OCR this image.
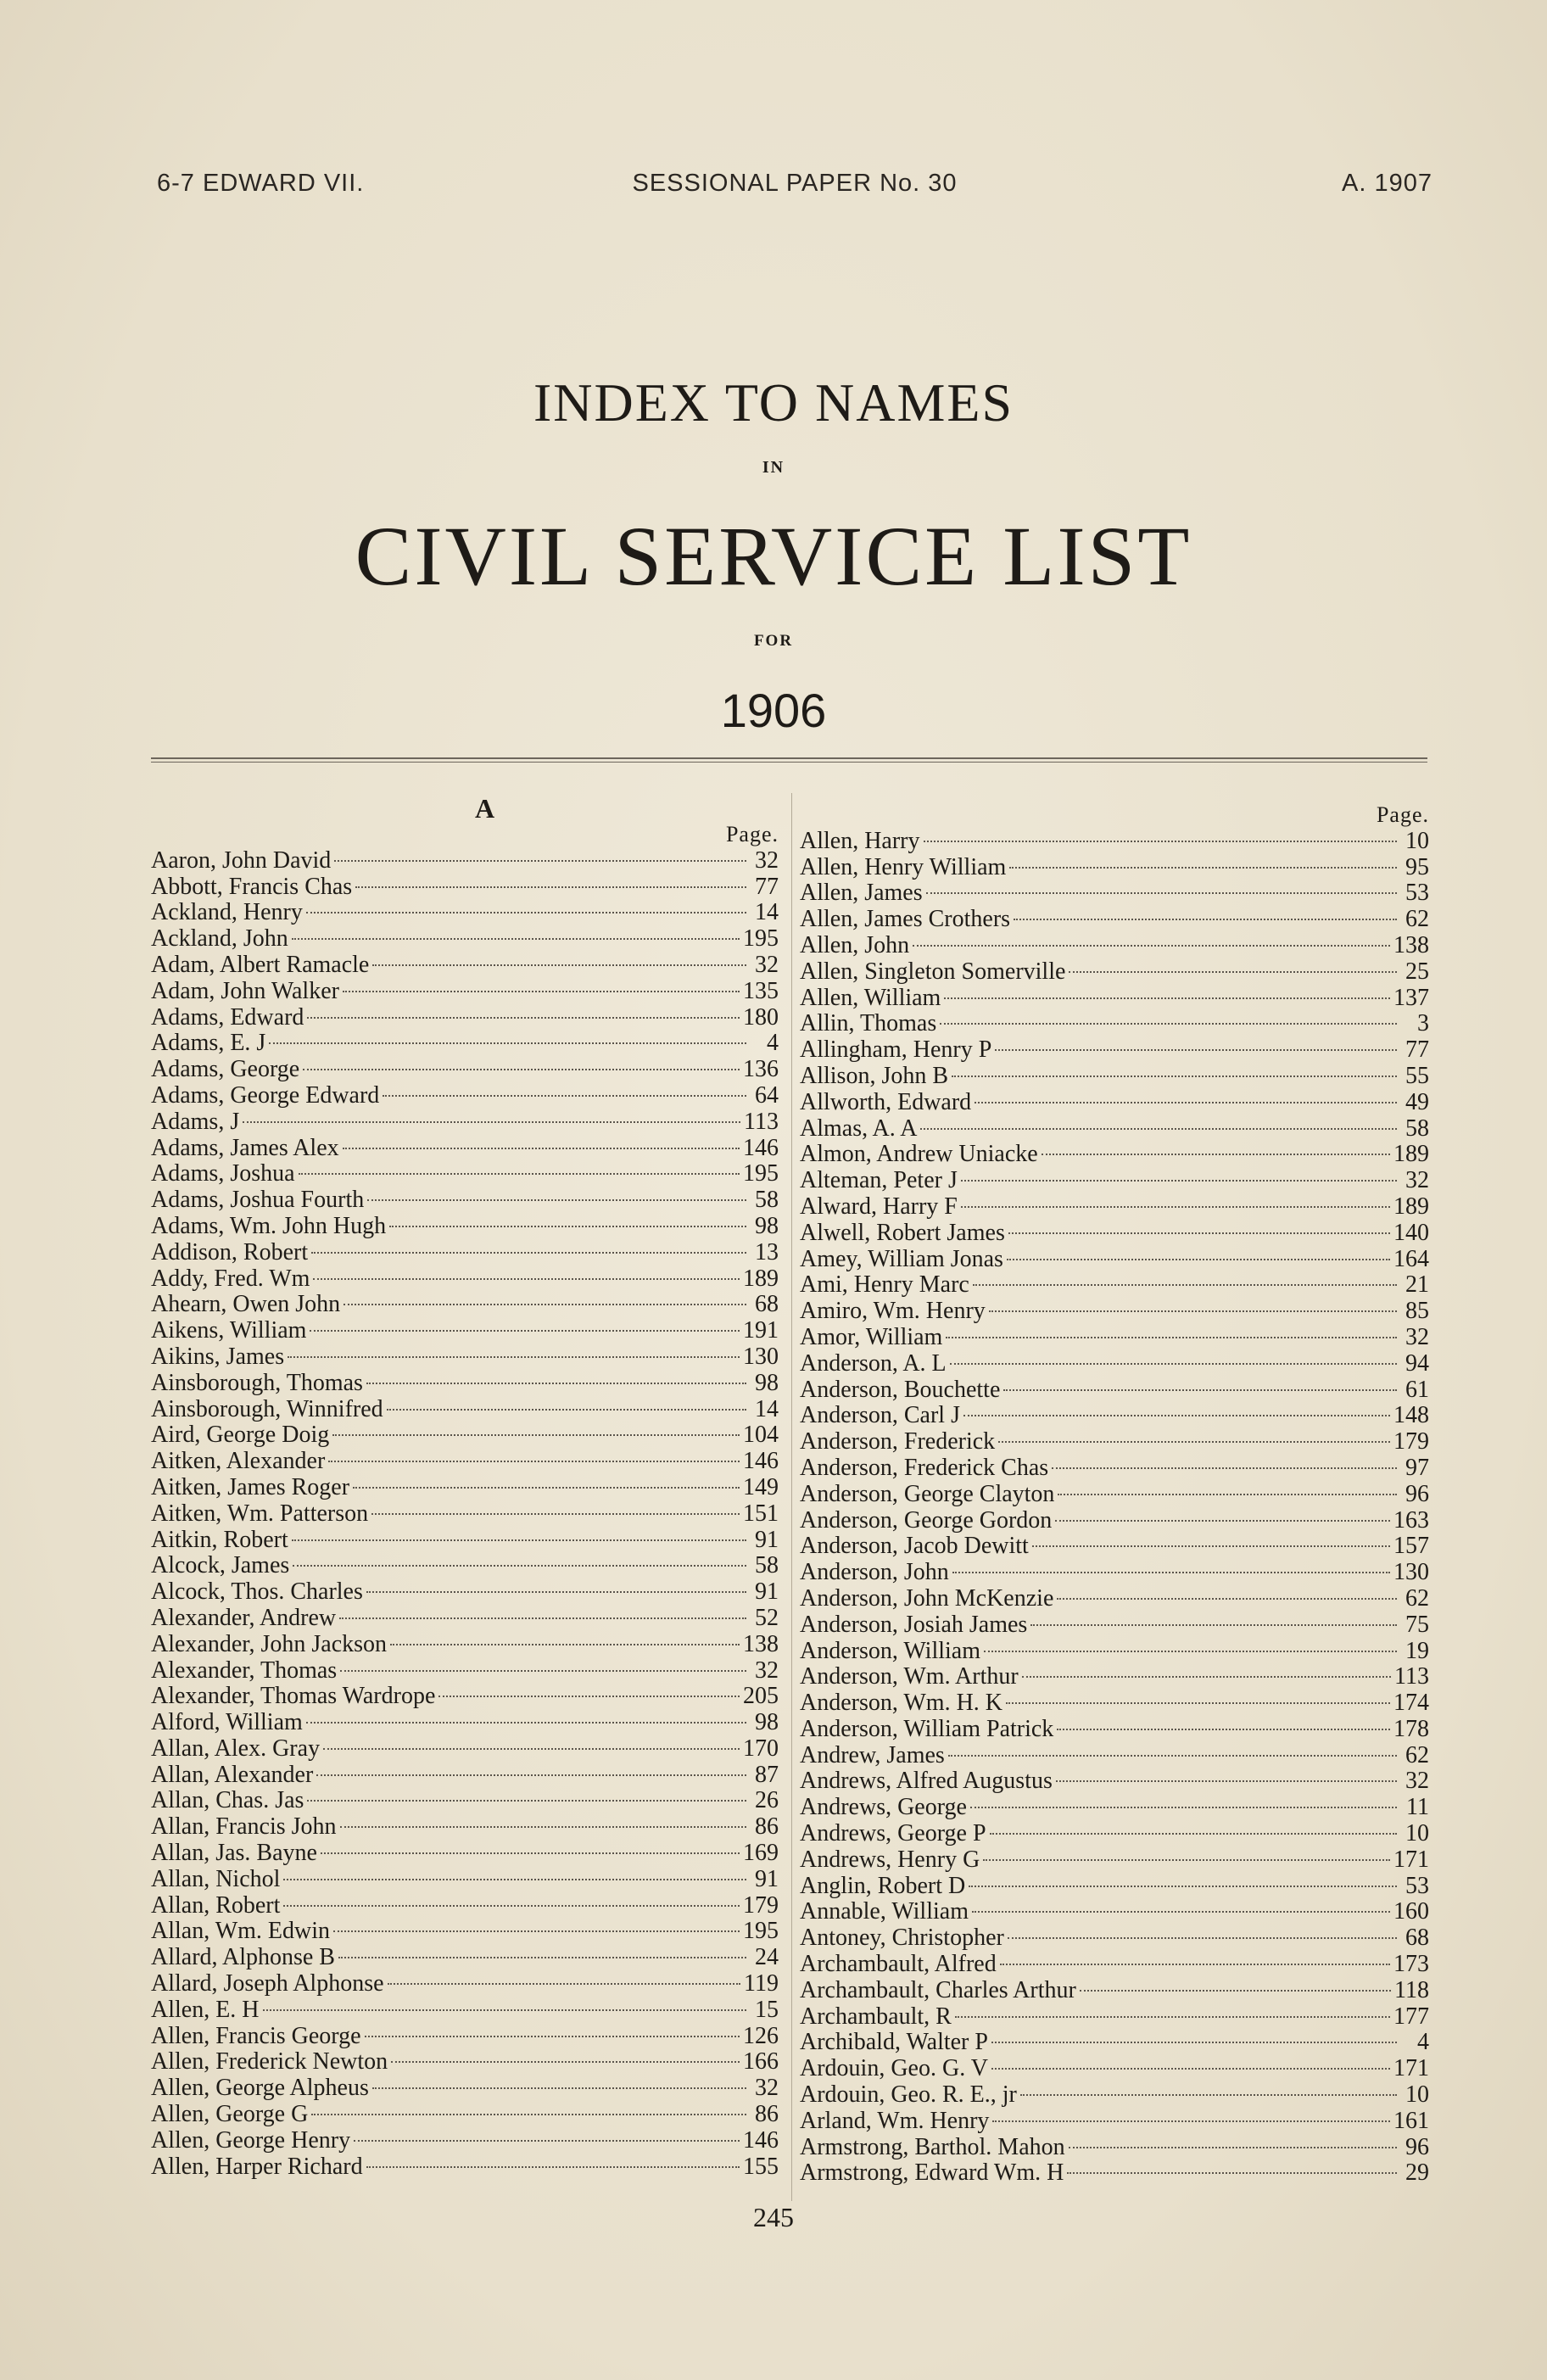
6-7 EDWARD VII.	SESSIONAL PAPER No. 30	A. 1907
INDEX TO NAMES
IN
CIVIL SERVICE LIST
FOR
1906
A
Page.
Aaron, John David	32
Abbott, Francis Chas	77
Ackland, Henry	14
Ackland, John	195
Adam, Albert Ramacle	32
Adam, John Walker	135
Adams, Edward	180
Adams, E. J	4
Adams, George	136
Adams, George Edward	64
Adams, J	113
Adams, James Alex	146
Adams, Joshua	195
Adams, Joshua Fourth	58
Adams, Wm. John Hugh	98
Addison, Robert	13
Addy, Fred. Wm	189
Ahearn, Owen John	68
Aikens, William	191
Aikins, James	130
Ainsborough, Thomas	98
Ainsborough, Winnifred	14
Aird, George Doig	104
Aitken, Alexander	146
Aitken, James Roger	149
Aitken, Wm. Patterson	151
Aitkin, Robert	91
Alcock, James	58
Alcock, Thos. Charles	91
Alexander, Andrew	52
Alexander, John Jackson	138
Alexander, Thomas	32
Alexander, Thomas Wardrope	205
Alford, William	98
Allan, Alex. Gray	170
Allan, Alexander	87
Allan, Chas. Jas	26
Allan, Francis John	86
Allan, Jas. Bayne	169
Allan, Nichol	91
Allan, Robert	179
Allan, Wm. Edwin	195
Allard, Alphonse B	24
Allard, Joseph Alphonse	119
Allen, E. H	15
Allen, Francis George	126
Allen, Frederick Newton	166
Allen, George Alpheus	32
Allen, George G	86
Allen, George Henry	146
Allen, Harper Richard	155
Page.
Allen, Harry	10
Allen, Henry William	95
Allen, James	53
Allen, James Crothers	62
Allen, John	138
Allen, Singleton Somerville	25
Allen, William	137
Allin, Thomas	3
Allingham, Henry P	77
Allison, John B	55
Allworth, Edward	49
Almas, A. A	58
Almon, Andrew Uniacke	189
Alteman, Peter J	32
Alward, Harry F	189
Alwell, Robert James	140
Amey, William Jonas	164
Ami, Henry Marc	21
Amiro, Wm. Henry	85
Amor, William	32
Anderson, A. L	94
Anderson, Bouchette	61
Anderson, Carl J	148
Anderson, Frederick	179
Anderson, Frederick Chas	97
Anderson, George Clayton	96
Anderson, George Gordon	163
Anderson, Jacob Dewitt	157
Anderson, John	130
Anderson, John McKenzie	62
Anderson, Josiah James	75
Anderson, William	19
Anderson, Wm. Arthur	113
Anderson, Wm. H. K	174
Anderson, William Patrick	178
Andrew, James	62
Andrews, Alfred Augustus	32
Andrews, George	11
Andrews, George P	10
Andrews, Henry G	171
Anglin, Robert D	53
Annable, William	160
Antoney, Christopher	68
Archambault, Alfred	173
Archambault, Charles Arthur	118
Archambault, R	177
Archibald, Walter P	4
Ardouin, Geo. G. V	171
Ardouin, Geo. R. E., jr	10
Arland, Wm. Henry	161
Armstrong, Barthol. Mahon	96
Armstrong, Edward Wm. H	29
245
